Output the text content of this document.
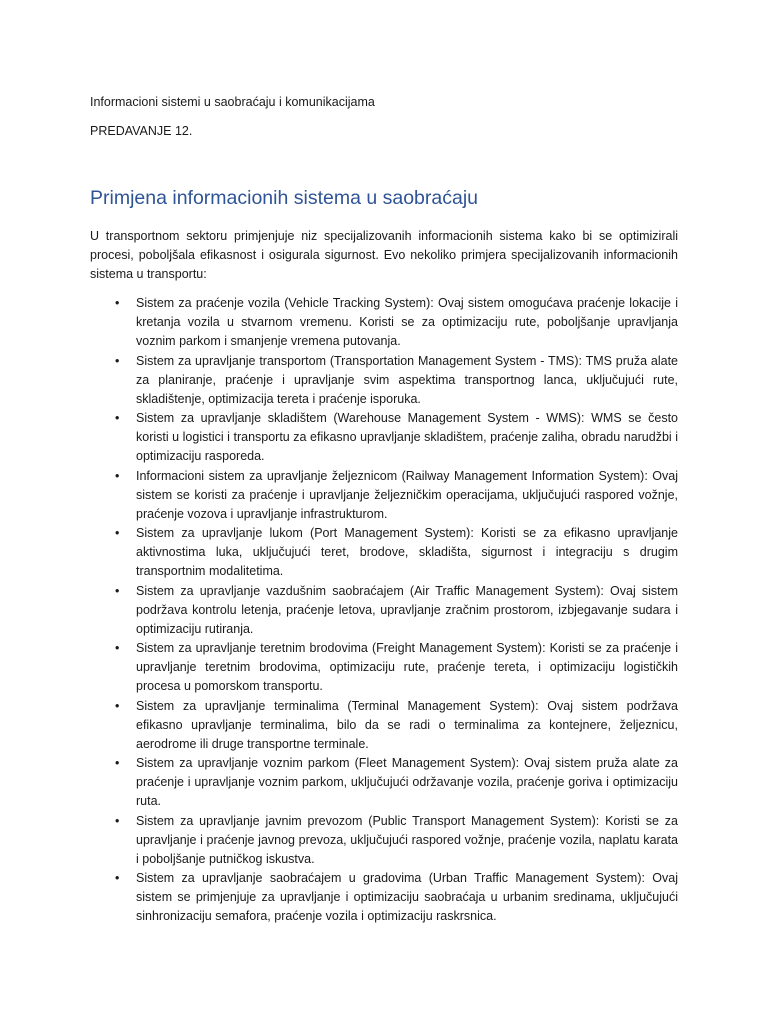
Informacioni sistemi u saobraćaju i komunikacijama
PREDAVANJE 12.
Primjena informacionih sistema u saobraćaju

U transportnom sektoru primjenjuje niz specijalizovanih informacionih sistema kako bi se optimizirali procesi, poboljšala efikasnost i osigurala sigurnost. Evo nekoliko primjera specijalizovanih informacionih sistema u transportu:

• Sistem za praćenje vozila (Vehicle Tracking System): Ovaj sistem omogućava praćenje lokacije i kretanja vozila u stvarnom vremenu. Koristi se za optimizaciju rute, poboljšanje upravljanja voznim parkom i smanjenje vremena putovanja.
• Sistem za upravljanje transportom (Transportation Management System - TMS): TMS pruža alate za planiranje, praćenje i upravljanje svim aspektima transportnog lanca, uključujući rute, skladištenje, optimizacija tereta i praćenje isporuka.
• Sistem za upravljanje skladištem (Warehouse Management System - WMS): WMS se često koristi u logistici i transportu za efikasno upravljanje skladištem, praćenje zaliha, obradu narudžbi i optimizaciju rasporeda.
• Informacioni sistem za upravljanje željeznicom (Railway Management Information System): Ovaj sistem se koristi za praćenje i upravljanje željezničkim operacijama, uključujući raspored vožnje, praćenje vozova i upravljanje infrastrukturom.
• Sistem za upravljanje lukom (Port Management System): Koristi se za efikasno upravljanje aktivnostima luka, uključujući teret, brodove, skladišta, sigurnost i integraciju s drugim transportnim modalitetima.
• Sistem za upravljanje vazdušnim saobraćajem (Air Traffic Management System): Ovaj sistem podržava kontrolu letenja, praćenje letova, upravljanje zračnim prostorom, izbjegavanje sudara i optimizaciju rutiranja.
• Sistem za upravljanje teretnim brodovima (Freight Management System): Koristi se za praćenje i upravljanje teretnim brodovima, optimizaciju rute, praćenje tereta, i optimizaciju logističkih procesa u pomorskom transportu.
• Sistem za upravljanje terminalima (Terminal Management System): Ovaj sistem podržava efikasno upravljanje terminalima, bilo da se radi o terminalima za kontejnere, željeznicu, aerodrome ili druge transportne terminale.
• Sistem za upravljanje voznim parkom (Fleet Management System): Ovaj sistem pruža alate za praćenje i upravljanje voznim parkom, uključujući održavanje vozila, praćenje goriva i optimizaciju ruta.
• Sistem za upravljanje javnim prevozom (Public Transport Management System): Koristi se za upravljanje i praćenje javnog prevoza, uključujući raspored vožnje, praćenje vozila, naplatu karata i poboljšanje putničkog iskustva.
• Sistem za upravljanje saobraćajem u gradovima (Urban Traffic Management System): Ovaj sistem se primjenjuje za upravljanje i optimizaciju saobraćaja u urbanim sredinama, uključujući sinhronizaciju semafora, praćenje vozila i optimizaciju raskrsnica.
